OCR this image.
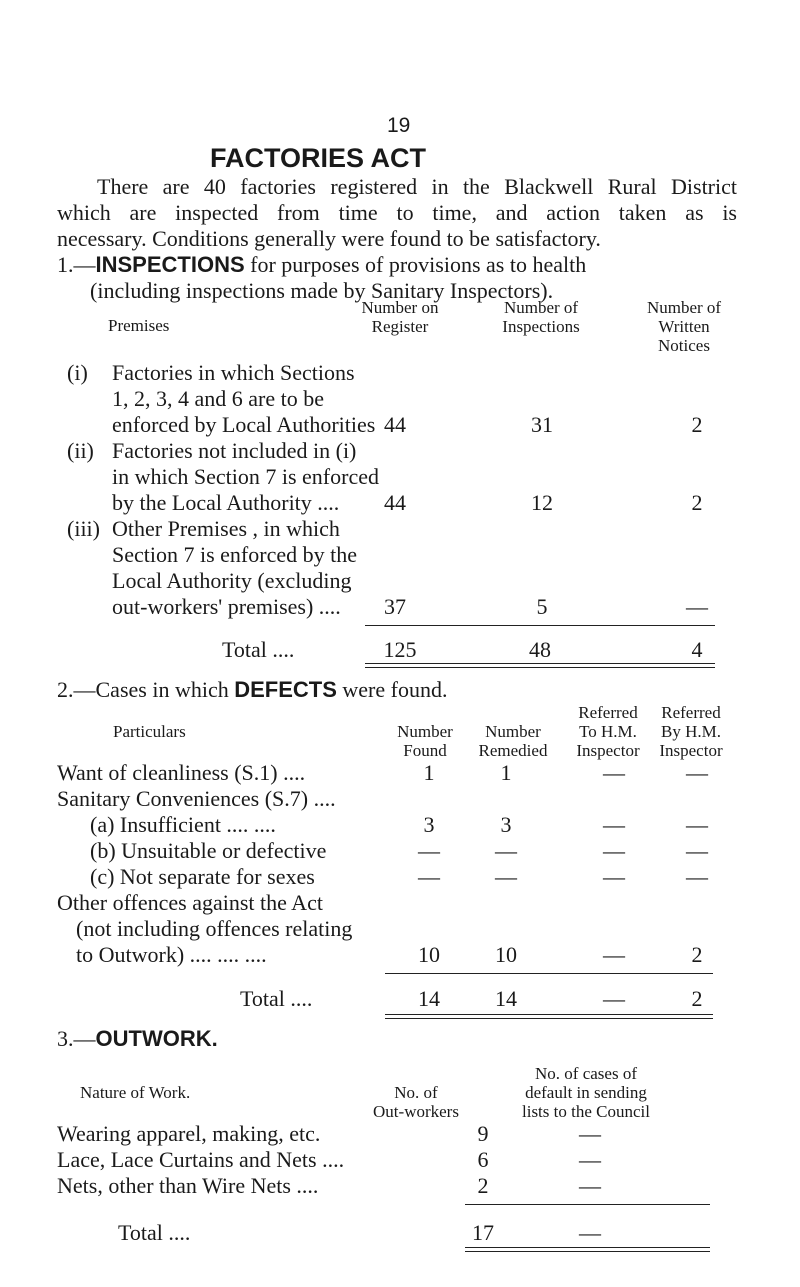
19
FACTORIES ACT
There are 40 factories registered in the Blackwell Rural District
which are inspected from time to time, and action taken as is
necessary. Conditions generally were found to be satisfactory.
1.—INSPECTIONS for purposes of provisions as to health
(including inspections made by Sanitary Inspectors).
Premises
Number on
Register
Number of
Inspections
Number of
Written
Notices
(i) Factories in which Sections
1, 2, 3, 4 and 6 are to be
enforced by Local Authorities 44	31	2
(ii) Factories not included in (i)
in which Section 7 is enforced
by the Local Authority ....	44	12	2
(iii) Other Premises , in which
Section 7 is enforced by the
Local Authority (excluding
out-workers' premises) ....	37	5	—
Total ....	125	48	4
2.—Cases in which DEFECTS were found.
Particulars	Number
Found
Number
Remedied
Referred
To H.M.
Inspector
Referred
By H.M.
Inspector
Want of cleanliness (S.1) ....	1	1	—	—
Sanitary Conveniences (S.7) ....
(a) Insufficient .... ....	3	3	—	—
(b) Unsuitable or defective	—	—	—	—
(c) Not separate for sexes	—	—	—	—
Other offences against the Act
(not including offences relating
to Outwork) .... .... ....	10	10	—	2
Total ....	14	14	—	2
3.—OUTWORK.
Nature of Work.	No. of
Out-workers
No. of cases of
default in sending
lists to the Council
Wearing apparel, making, etc.	9	—
Lace, Lace Curtains and Nets ....	6	—
Nets, other than Wire Nets ....	2	—
Total ....	17	—
